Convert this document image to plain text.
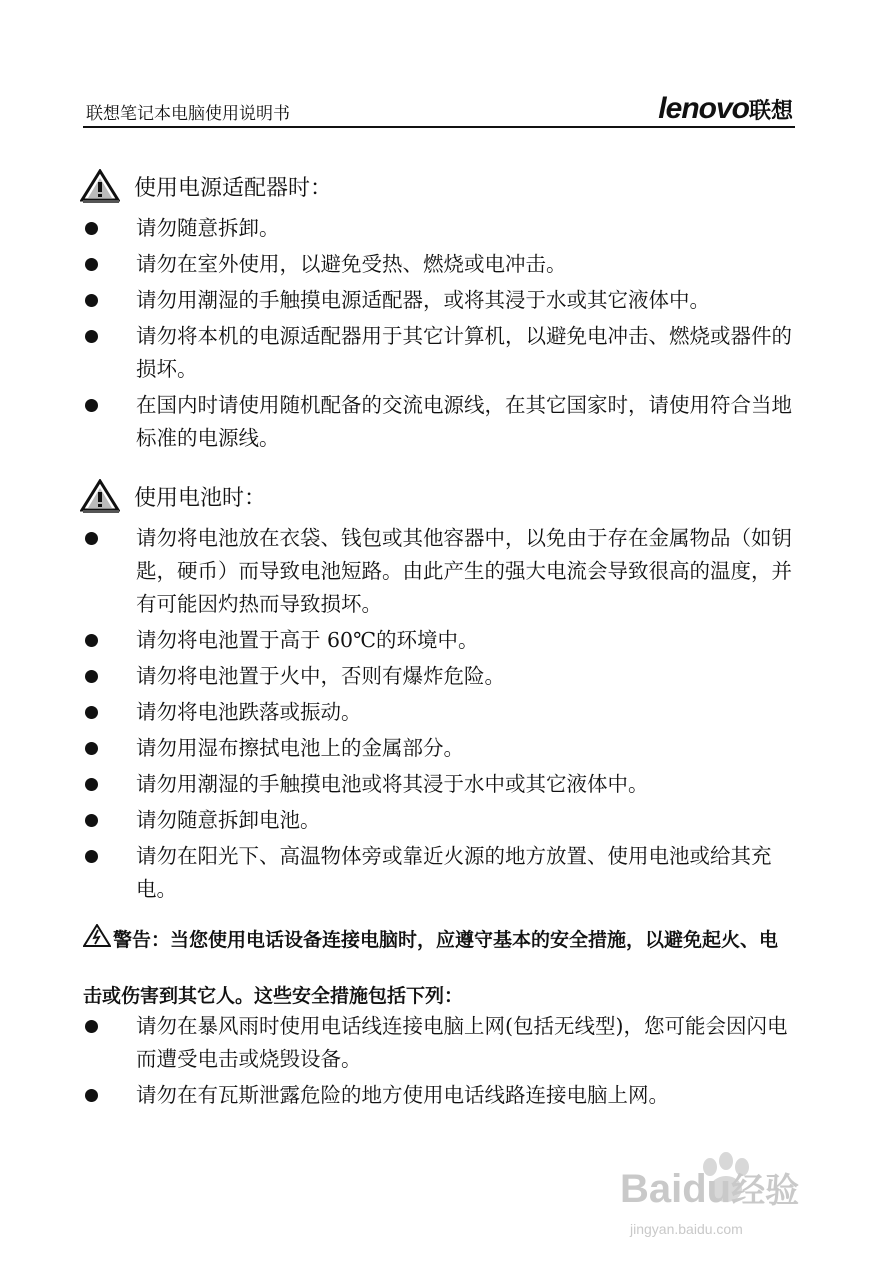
联想笔记本电脑使用说明书	lenovo联想
使用电源适配器时：
请勿随意拆卸。
请勿在室外使用，以避免受热、燃烧或电冲击。
请勿用潮湿的手触摸电源适配器，或将其浸于水或其它液体中。
请勿将本机的电源适配器用于其它计算机，以避免电冲击、燃烧或器件的损坏。
在国内时请使用随机配备的交流电源线，在其它国家时，请使用符合当地标准的电源线。
使用电池时：
请勿将电池放在衣袋、钱包或其他容器中，以免由于存在金属物品（如钥匙，硬币）而导致电池短路。由此产生的强大电流会导致很高的温度，并有可能因灼热而导致损坏。
请勿将电池置于高于 60℃的环境中。
请勿将电池置于火中，否则有爆炸危险。
请勿将电池跌落或振动。
请勿用湿布擦拭电池上的金属部分。
请勿用潮湿的手触摸电池或将其浸于水中或其它液体中。
请勿随意拆卸电池。
请勿在阳光下、高温物体旁或靠近火源的地方放置、使用电池或给其充电。
警告：当您使用电话设备连接电脑时，应遵守基本的安全措施，以避免起火、电击或伤害到其它人。这些安全措施包括下列：
请勿在暴风雨时使用电话线连接电脑上网(包括无线型)，您可能会因闪电而遭受电击或烧毁设备。
请勿在有瓦斯泄露危险的地方使用电话线路连接电脑上网。
Baidu经验
jingyan.baidu.com
